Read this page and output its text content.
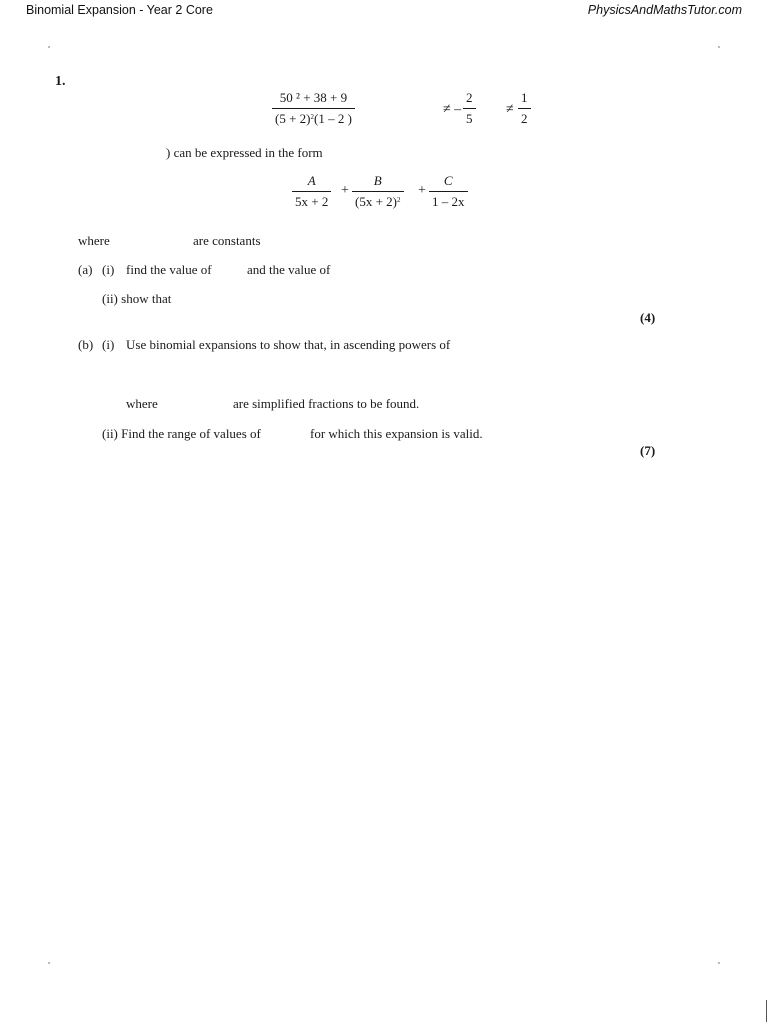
Binomial Expansion - Year 2 Core	PhysicsAndMathsTutor.com
1.
$\frac{\text{50 ² + 38 + 9}}{(5 + 2)^2(1 - 2 )}$	≠ – $\frac{2}{5} \ne \frac{1}{2}$
) can be expressed in the form
$\frac{A}{5x + 2} + \frac{B}{(5x + 2)^2} + \frac{C}{1 - 2x}$
where	are constants
(a) (i) find the value of	and the value of
(ii) show that
(4)
(b) (i) Use binomial expansions to show that, in ascending powers of
where	are simplified fractions to be found.
(ii) Find the range of values of	for which this expansion is valid.
(7)
